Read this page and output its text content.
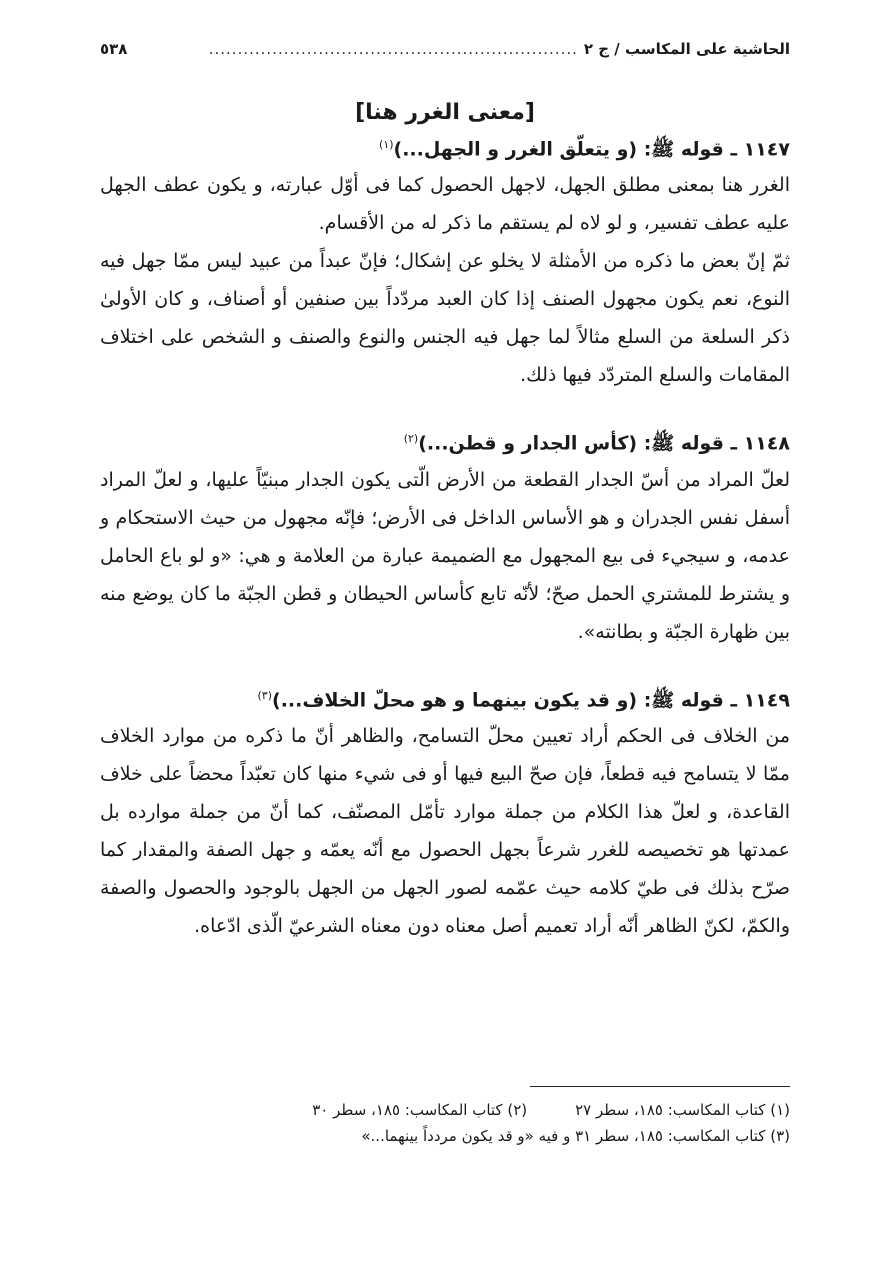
الحاشية على المكاسب / ج ٢
................................................................
٥٣٨
[معنى الغرر هنا]
١١٤٧ ـ قوله ﷺ: (و يتعلّق الغرر و الجهل...)$^{(١)}$

الغرر هنا بمعنى مطلق الجهل، لاجهل الحصول كما فى أوّل عبارته، و يكون عطف الجهل عليه عطف تفسير، و لو لاه لم يستقم ما ذكر له من الأقسام.

ثمّ إنّ بعض ما ذكره من الأمثلة لا يخلو عن إشكال؛ فإنّ عبداً من عبيد ليس ممّا جهل فيه النوع، نعم يكون مجهول الصنف إذا كان العبد مردّداً بين صنفين أو أصناف، و كان الأولىٰ ذكر السلعة من السلع مثالاً لما جهل فيه الجنس والنوع والصنف و الشخص على اختلاف المقامات والسلع المتردّد فيها ذلك.

١١٤٨ ـ قوله ﷺ: (كأس الجدار و قطن...)$^{(٢)}$

لعلّ المراد من أسّ الجدار القطعة من الأرض الّتى يكون الجدار مبنيّاً عليها، و لعلّ المراد أسفل نفس الجدران و هو الأساس الداخل فى الأرض؛ فإنّه مجهول من حيث الاستحكام و عدمه، و سيجيء فى بيع المجهول مع الضميمة عبارة من العلامة و هي: «و لو باع الحامل و يشترط للمشتري الحمل صحّ؛ لأنّه تابع كأساس الحيطان و قطن الجبّة ما كان يوضع منه بين ظهارة الجبّة و بطانته».

١١٤٩ ـ قوله ﷺ: (و قد يكون بينهما و هو محلّ الخلاف...)$^{(٣)}$

من الخلاف فى الحكم أراد تعيين محلّ التسامح، والظاهر أنّ ما ذكره من موارد الخلاف ممّا لا يتسامح فيه قطعاً، فإن صحّ البيع فيها أو فى شيء منها كان تعبّداً محضاً على خلاف القاعدة، و لعلّ هذا الكلام من جملة موارد تأمّل المصنّف، كما أنّ من جملة موارده بل عمدتها هو تخصيصه للغرر شرعاً بجهل الحصول مع أنّه يعمّه و جهل الصفة والمقدار كما صرّح بذلك فى طيّ كلامه حيث عمّمه لصور الجهل من الجهل بالوجود والحصول والصفة والكمّ، لكنّ الظاهر أنّه أراد تعميم أصل معناه دون معناه الشرعيّ الّذى ادّعاه.

(١) كتاب المكاسب: ١٨٥، سطر ٢٧
(٢) كتاب المكاسب: ١٨٥، سطر ٣٠
(٣) كتاب المكاسب: ١٨٥، سطر ٣١ و فيه «و قد يكون مردداً بينهما...»
